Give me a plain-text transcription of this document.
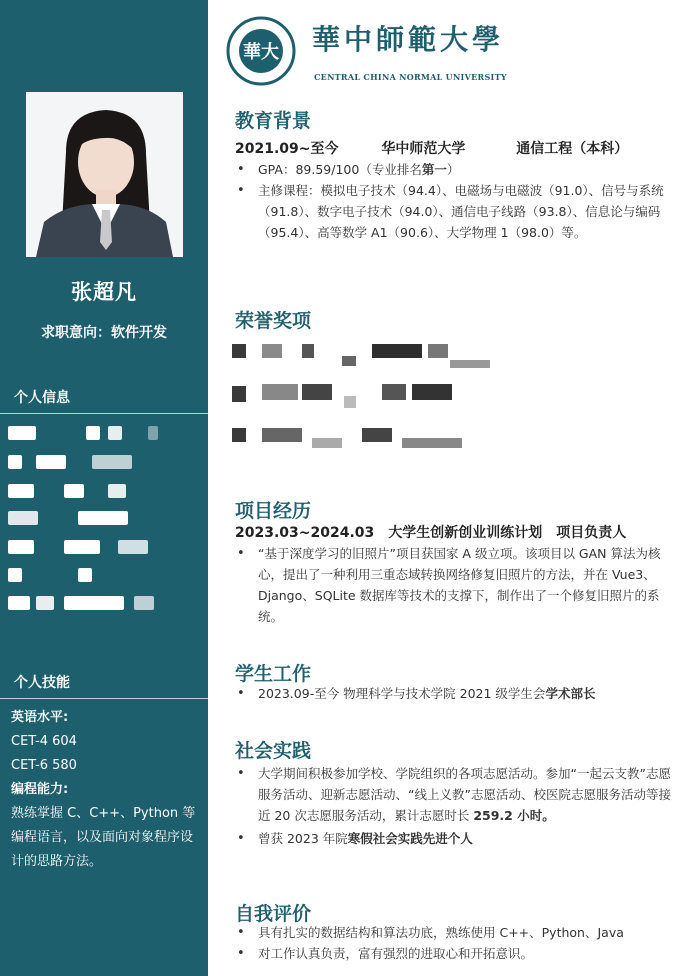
张超凡
求职意向：软件开发
个人信息
个人技能
英语水平:
CET-4 604
CET-6 580
编程能力:
熟练掌握 C、C++、Python 等编程语言，以及面向对象程序设计的思路方法。
華大 華中師範大學
CENTRAL CHINA NORMAL UNIVERSITY
教育背景
2021.09~至今	华中师范大学	通信工程（本科）
• GPA：89.59/100（专业排名第一）
• 主修课程：模拟电子技术（94.4）、电磁场与电磁波（91.0）、信号与系统（91.8）、数字电子技术（94.0）、通信电子线路（93.8）、信息论与编码（95.4）、高等数学 A1（90.6）、大学物理 1（98.0）等。
荣誉奖项
项目经历
2023.03~2024.03　大学生创新创业训练计划　项目负责人
• “基于深度学习的旧照片”项目获国家 A 级立项。该项目以 GAN 算法为核心，提出了一种利用三重态域转换网络修复旧照片的方法，并在 Vue3、Django、SQLite 数据库等技术的支撑下，制作出了一个修复旧照片的系统。
学生工作
• 2023.09-至今 物理科学与技术学院 2021 级学生会学术部长
社会实践
• 大学期间积极参加学校、学院组织的各项志愿活动。参加“一起云支教”志愿服务活动、迎新志愿活动、“线上义教”志愿活动、校医院志愿服务活动等接近 20 次志愿服务活动，累计志愿时长 259.2 小时。
• 曾获 2023 年院寒假社会实践先进个人
自我评价
• 具有扎实的数据结构和算法功底，熟练使用 C++、Python、Java
• 对工作认真负责，富有强烈的进取心和开拓意识。
